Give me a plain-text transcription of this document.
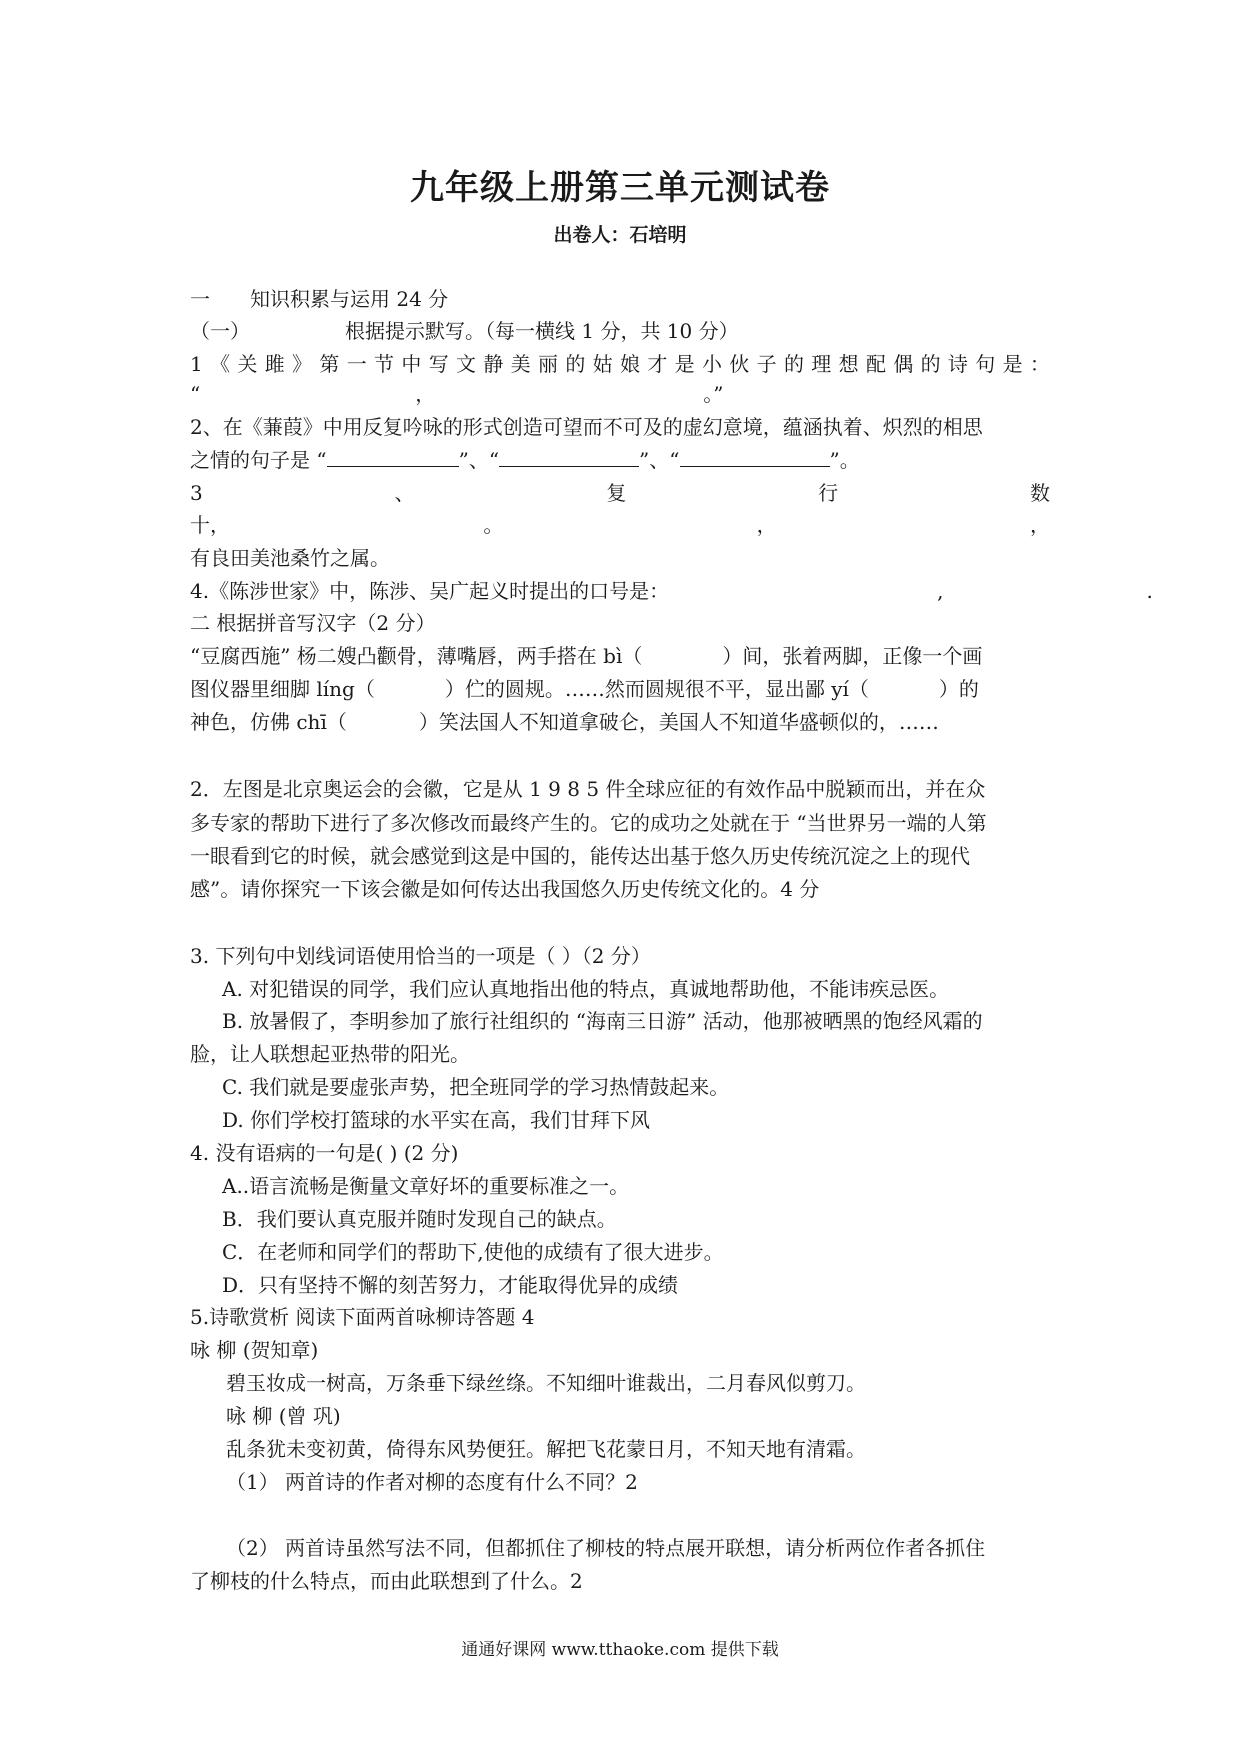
九年级上册第三单元测试卷
出卷人：石培明
一 知识积累与运用 24 分
（一）	根据提示默写。（每一横线 1 分，共 10 分）
1 《 关 雎 》 第 一 节 中 写 文 静 美 丽 的 姑 娘 才 是 小 伙 子 的 理 想 配 偶 的 诗 句 是 ：
“	，	。”
2、在《蒹葭》中用反复吟咏的形式创造可望而不可及的虚幻意境，蕴涵执着、炽烈的相思
之情的句子是 “	”、“	”、“	”。
3	、	复	行	数
十，	。	，	，
有良田美池桑竹之属。
4.《陈涉世家》中，陈涉、吴广起义时提出的口号是：	,	.
二 根据拼音写汉字（2 分）
“豆腐西施” 杨二嫂凸颧骨，薄嘴唇，两手搭在 bì（	）间，张着两脚，正像一个画
图仪器里细脚 líng（	）伫的圆规。……然而圆规很不平，显出鄙 yí（	）的
神色，仿佛 chī（	）笑法国人不知道拿破仑，美国人不知道华盛顿似的，……
2．左图是北京奥运会的会徽，它是从 1 9 8 5 件全球应征的有效作品中脱颖而出，并在众
多专家的帮助下进行了多次修改而最终产生的。它的成功之处就在于 “当世界另一端的人第
一眼看到它的时候，就会感觉到这是中国的，能传达出基于悠久历史传统沉淀之上的现代
感”。请你探究一下该会徽是如何传达出我国悠久历史传统文化的。4 分
3. 下列句中划线词语使用恰当的一项是（ ）（2 分）
A. 对犯错误的同学，我们应认真地指出他的特点，真诚地帮助他，不能讳疾忌医。
B. 放暑假了，李明参加了旅行社组织的 “海南三日游” 活动，他那被晒黑的饱经风霜的
脸，让人联想起亚热带的阳光。
C. 我们就是要虚张声势，把全班同学的学习热情鼓起来。
D. 你们学校打篮球的水平实在高，我们甘拜下风
4. 没有语病的一句是( ) (2 分)
A..语言流畅是衡量文章好坏的重要标准之一。
B．我们要认真克服并随时发现自己的缺点。
C．在老师和同学们的帮助下,使他的成绩有了很大进步。
D．只有坚持不懈的刻苦努力，才能取得优异的成绩
5.诗歌赏析 阅读下面两首咏柳诗答题 4
咏 柳 (贺知章)
碧玉妆成一树高，万条垂下绿丝绦。不知细叶谁裁出，二月春风似剪刀。
咏 柳 (曾 巩)
乱条犹未变初黄，倚得东风势便狂。解把飞花蒙日月，不知天地有清霜。
（1） 两首诗的作者对柳的态度有什么不同？2
（2） 两首诗虽然写法不同，但都抓住了柳枝的特点展开联想，请分析两位作者各抓住
了柳枝的什么特点，而由此联想到了什么。2
通通好课网 www.tthaoke.com 提供下载
